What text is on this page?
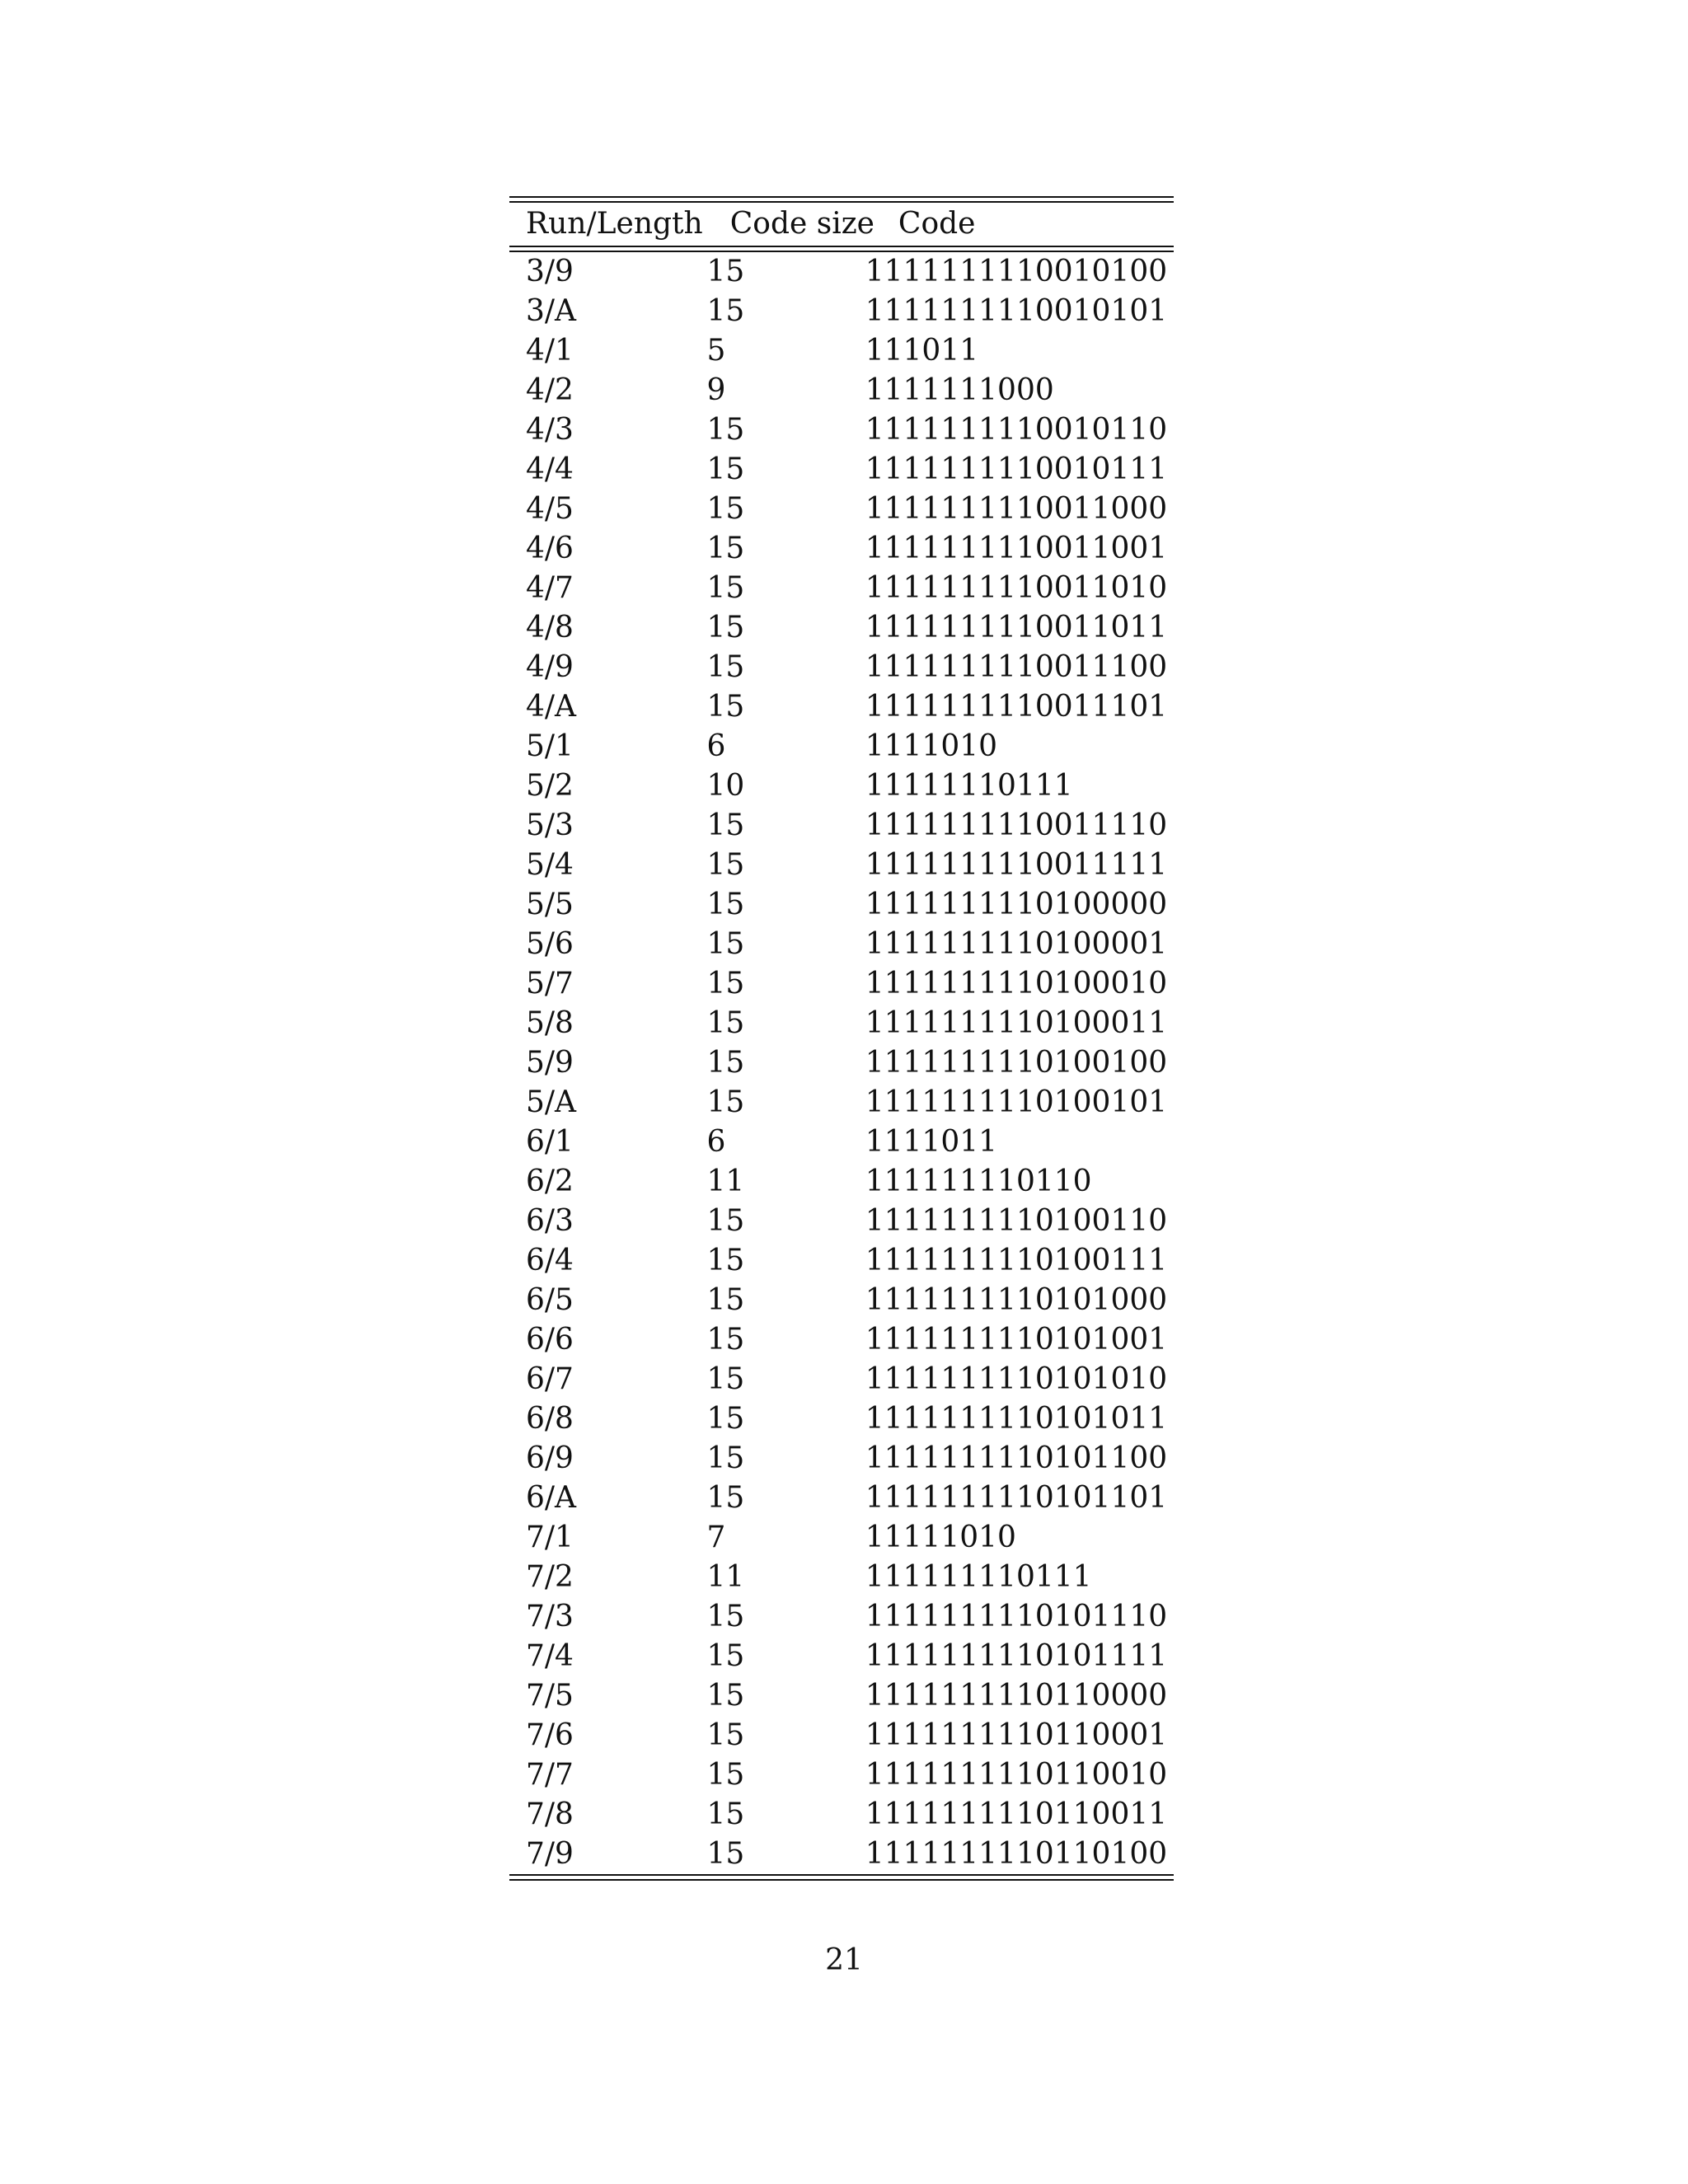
Run/Length	Code size	Code
3/9	15	1111111110010100
3/A	15	1111111110010101
4/1	5	111011
4/2	9	1111111000
4/3	15	1111111110010110
4/4	15	1111111110010111
4/5	15	1111111110011000
4/6	15	1111111110011001
4/7	15	1111111110011010
4/8	15	1111111110011011
4/9	15	1111111110011100
4/A	15	1111111110011101
5/1	6	1111010
5/2	10	11111110111
5/3	15	1111111110011110
5/4	15	1111111110011111
5/5	15	1111111110100000
5/6	15	1111111110100001
5/7	15	1111111110100010
5/8	15	1111111110100011
5/9	15	1111111110100100
5/A	15	1111111110100101
6/1	6	1111011
6/2	11	111111110110
6/3	15	1111111110100110
6/4	15	1111111110100111
6/5	15	1111111110101000
6/6	15	1111111110101001
6/7	15	1111111110101010
6/8	15	1111111110101011
6/9	15	1111111110101100
6/A	15	1111111110101101
7/1	7	11111010
7/2	11	111111110111
7/3	15	1111111110101110
7/4	15	1111111110101111
7/5	15	1111111110110000
7/6	15	1111111110110001
7/7	15	1111111110110010
7/8	15	1111111110110011
7/9	15	1111111110110100
21
